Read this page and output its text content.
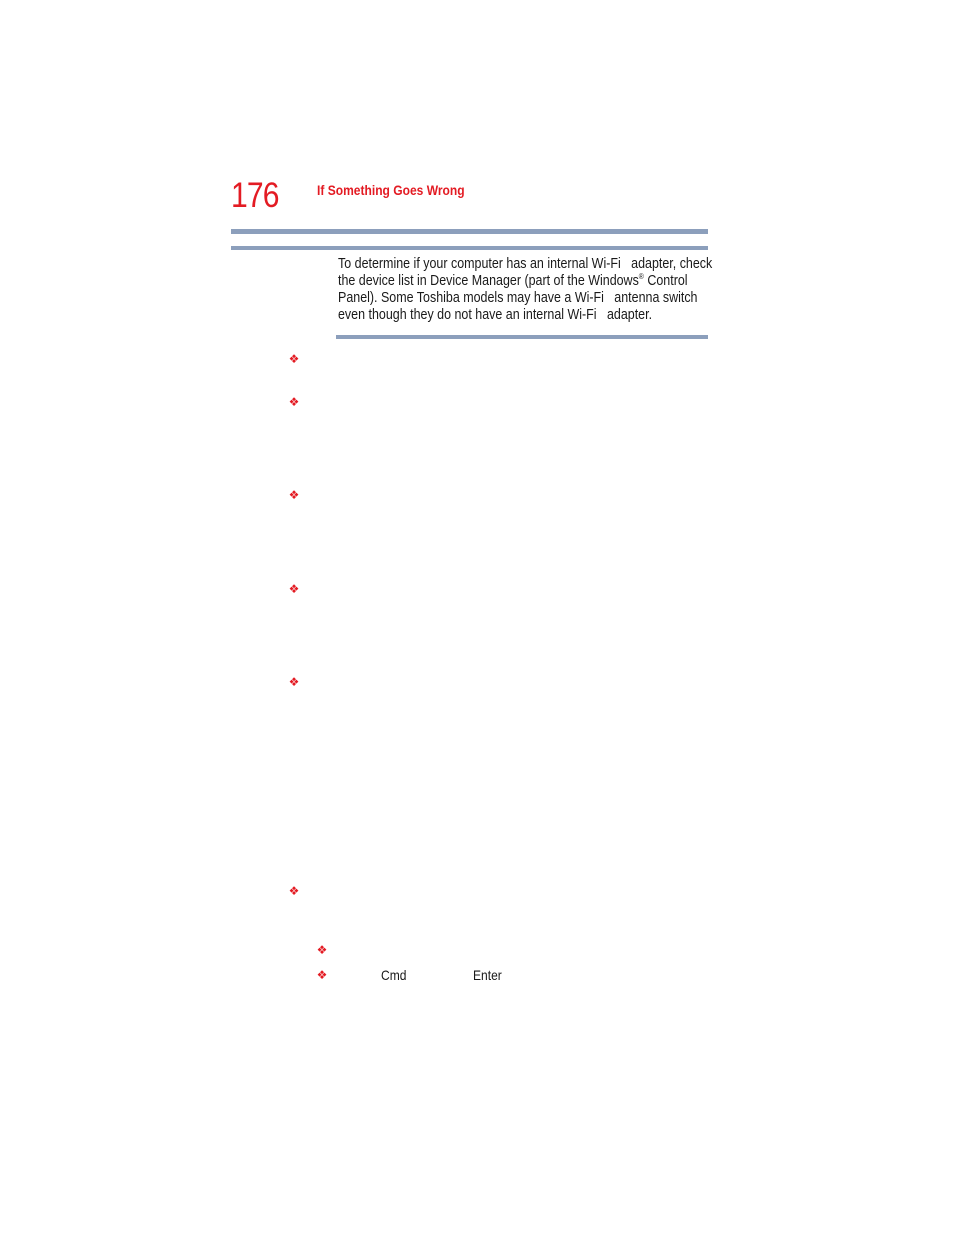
176	If Something Goes Wrong
To determine if your computer has an internal Wi-Fi   adapter, check
the device list in Device Manager (part of the Windows® Control
Panel). Some Toshiba models may have a Wi-Fi   antenna switch
even though they do not have an internal Wi-Fi   adapter.
❖
❖
❖
❖
❖
❖
❖
❖	Cmd	Enter
